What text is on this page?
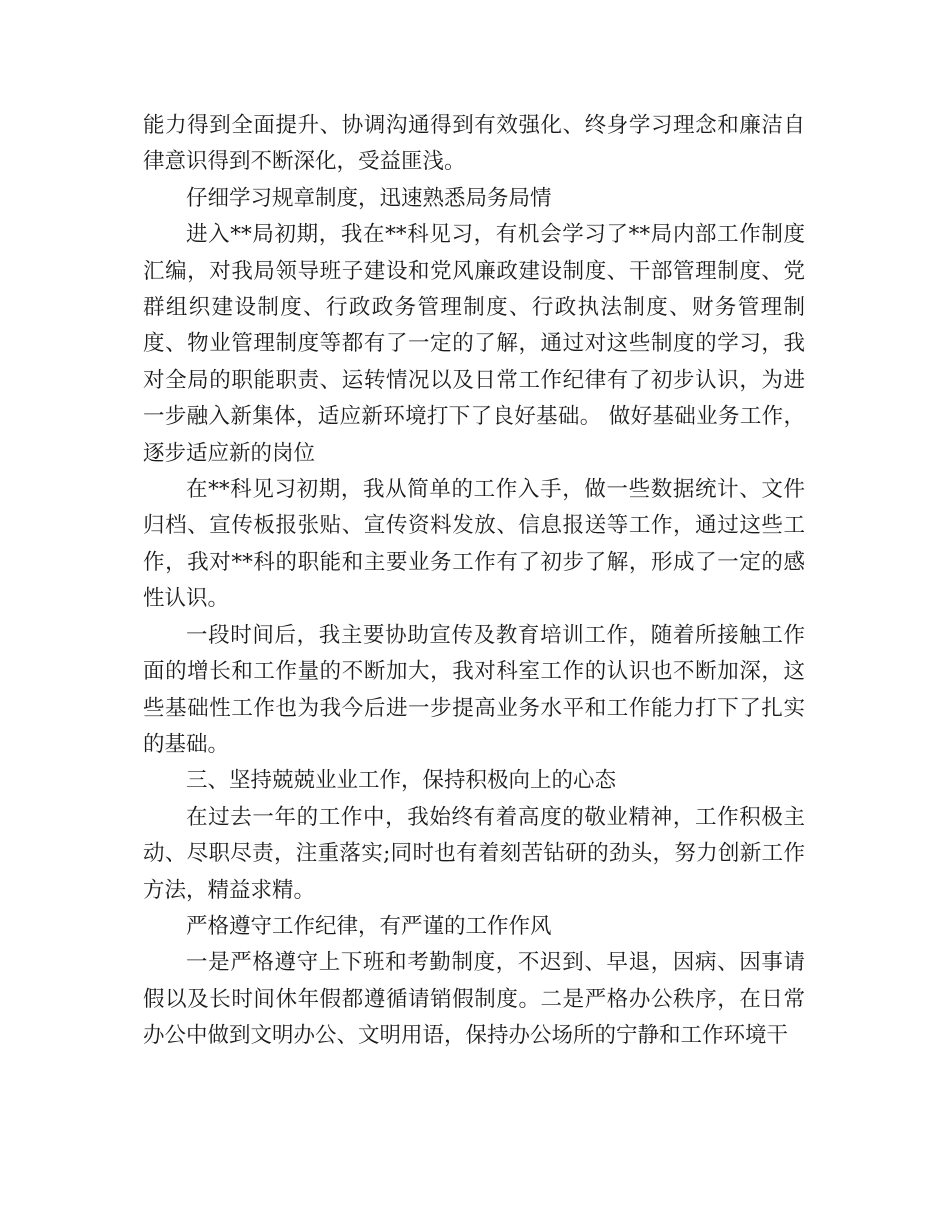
能力得到全面提升、协调沟通得到有效强化、终身学习理念和廉洁自律意识得到不断深化，受益匪浅。

仔细学习规章制度，迅速熟悉局务局情

进入**局初期，我在**科见习，有机会学习了**局内部工作制度汇编，对我局领导班子建设和党风廉政建设制度、干部管理制度、党群组织建设制度、行政政务管理制度、行政执法制度、财务管理制度、物业管理制度等都有了一定的了解，通过对这些制度的学习，我对全局的职能职责、运转情况以及日常工作纪律有了初步认识，为进一步融入新集体，适应新环境打下了良好基础。 做好基础业务工作，逐步适应新的岗位

在**科见习初期，我从简单的工作入手，做一些数据统计、文件归档、宣传板报张贴、宣传资料发放、信息报送等工作，通过这些工作，我对**科的职能和主要业务工作有了初步了解，形成了一定的感性认识。

一段时间后，我主要协助宣传及教育培训工作，随着所接触工作面的增长和工作量的不断加大，我对科室工作的认识也不断加深，这些基础性工作也为我今后进一步提高业务水平和工作能力打下了扎实的基础。

三、坚持兢兢业业工作，保持积极向上的心态

在过去一年的工作中，我始终有着高度的敬业精神，工作积极主动、尽职尽责，注重落实;同时也有着刻苦钻研的劲头，努力创新工作方法，精益求精。

严格遵守工作纪律，有严谨的工作作风

一是严格遵守上下班和考勤制度，不迟到、早退，因病、因事请假以及长时间休年假都遵循请销假制度。二是严格办公秩序，在日常办公中做到文明办公、文明用语，保持办公场所的宁静和工作环境干
